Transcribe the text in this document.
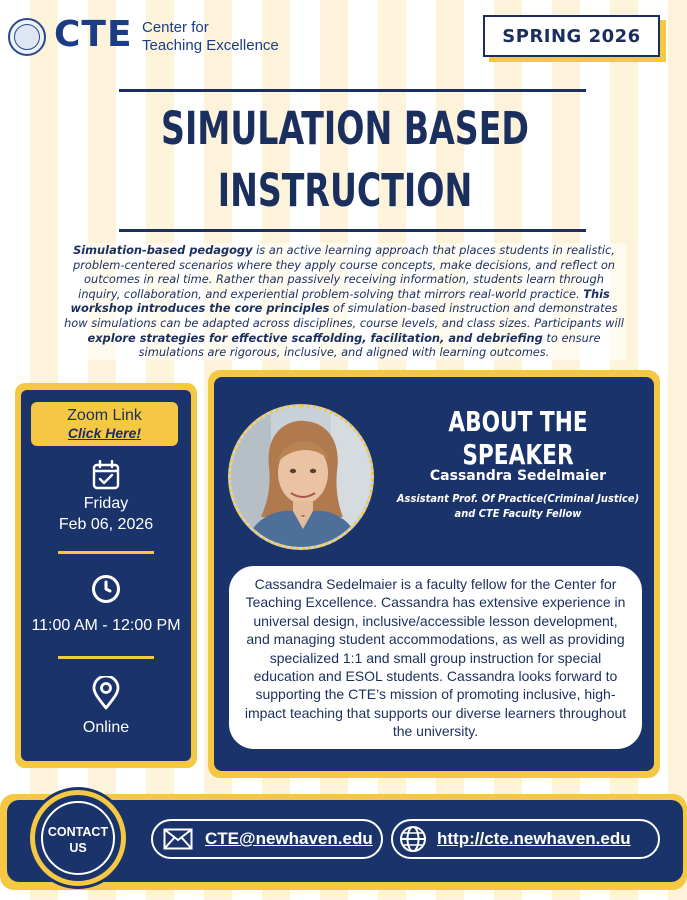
CTE Center for
Teaching Excellence	SPRING 2026
SIMULATION BASED
INSTRUCTION
Simulation-based pedagogy is an active learning approach that places students in realistic, problem-centered scenarios where they apply course concepts, make decisions, and reflect on outcomes in real time. Rather than passively receiving information, students learn through inquiry, collaboration, and experiential problem-solving that mirrors real-world practice. This workshop introduces the core principles of simulation-based instruction and demonstrates how simulations can be adapted across disciplines, course levels, and class sizes. Participants will explore strategies for effective scaffolding, facilitation, and debriefing to ensure simulations are rigorous, inclusive, and aligned with learning outcomes.
Zoom Link
Click Here!
Friday
Feb 06, 2026
11:00 AM - 12:00 PM
Online
ABOUT THE SPEAKER
Cassandra Sedelmaier
Assistant Prof. Of Practice(Criminal Justice)
and CTE Faculty Fellow
Cassandra Sedelmaier is a faculty fellow for the Center for Teaching Excellence. Cassandra has extensive experience in universal design, inclusive/accessible lesson development, and managing student accommodations, as well as providing specialized 1:1 and small group instruction for special education and ESOL students. Cassandra looks forward to supporting the CTE’s mission of promoting inclusive, high-impact teaching that supports our diverse learners throughout the university.
CONTACT
US	CTE@newhaven.edu	http://cte.newhaven.edu
